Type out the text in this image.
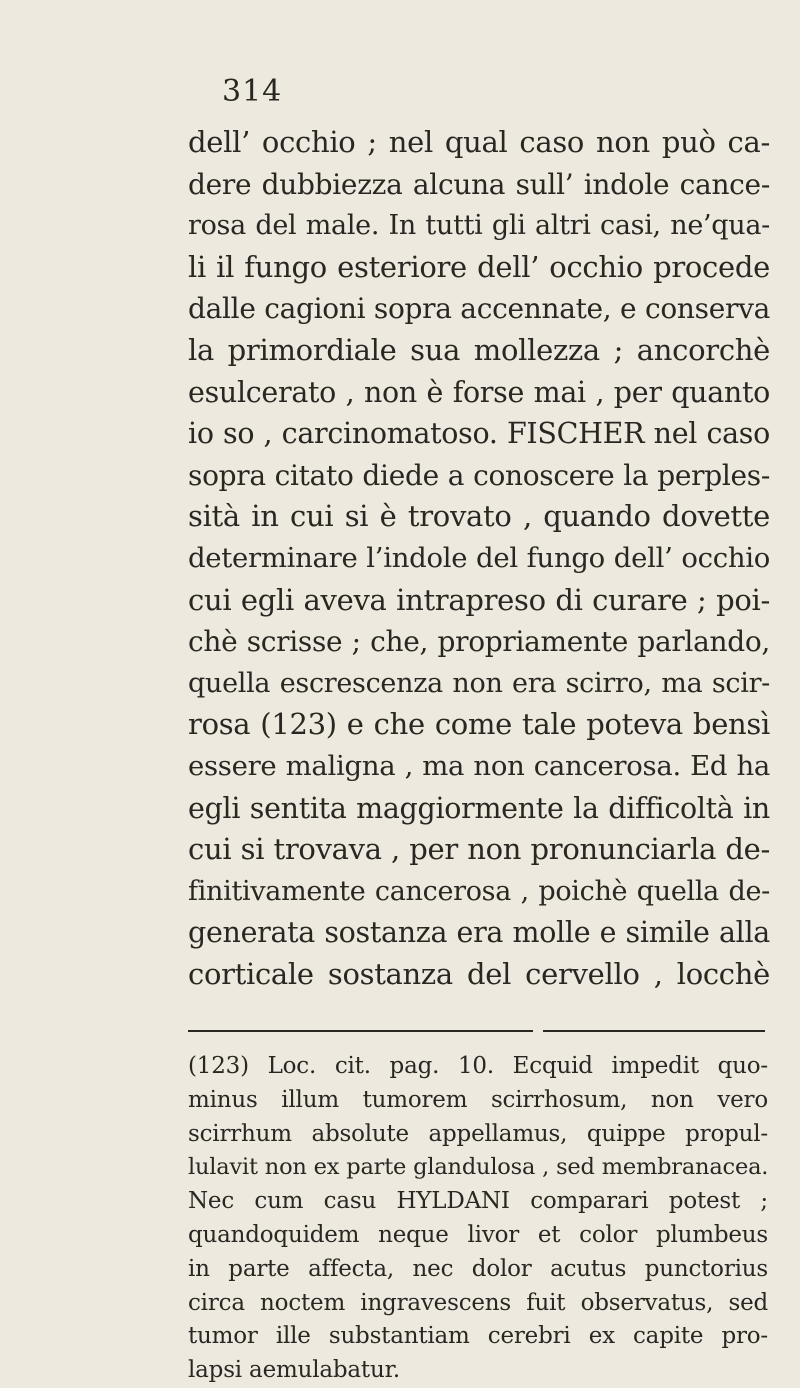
314
dell’ occhio ; nel qual caso non può ca-
dere dubbiezza alcuna sull’ indole cance-
rosa del male. In tutti gli altri casi, ne’qua-
li il fungo esteriore dell’ occhio procede
dalle cagioni sopra accennate, e conserva
la primordiale sua mollezza ; ancorchè
esulcerato , non è forse mai , per quanto
io so , carcinomatoso. FISCHER nel caso
sopra citato diede a conoscere la perples-
sità in cui si è trovato , quando dovette
determinare l’indole del fungo dell’ occhio
cui egli aveva intrapreso di curare ; poi-
chè scrisse ; che, propriamente parlando,
quella escrescenza non era scirro, ma scir-
rosa (123) e che come tale poteva bensì
essere maligna , ma non cancerosa. Ed ha
egli sentita maggiormente la difficoltà in
cui si trovava , per non pronunciarla de-
finitivamente cancerosa , poichè quella de-
generata sostanza era molle e simile alla
corticale sostanza del cervello , locchè
(123) Loc. cit. pag. 10. Ecquid impedit quo-
minus illum tumorem scirrhosum, non vero
scirrhum absolute appellamus, quippe propul-
lulavit non ex parte glandulosa , sed membranacea.
Nec cum casu HYLDANI comparari potest ;
quandoquidem neque livor et color plumbeus
in parte affecta, nec dolor acutus punctorius
circa noctem ingravescens fuit observatus, sed
tumor ille substantiam cerebri ex capite pro-
lapsi aemulabatur.
